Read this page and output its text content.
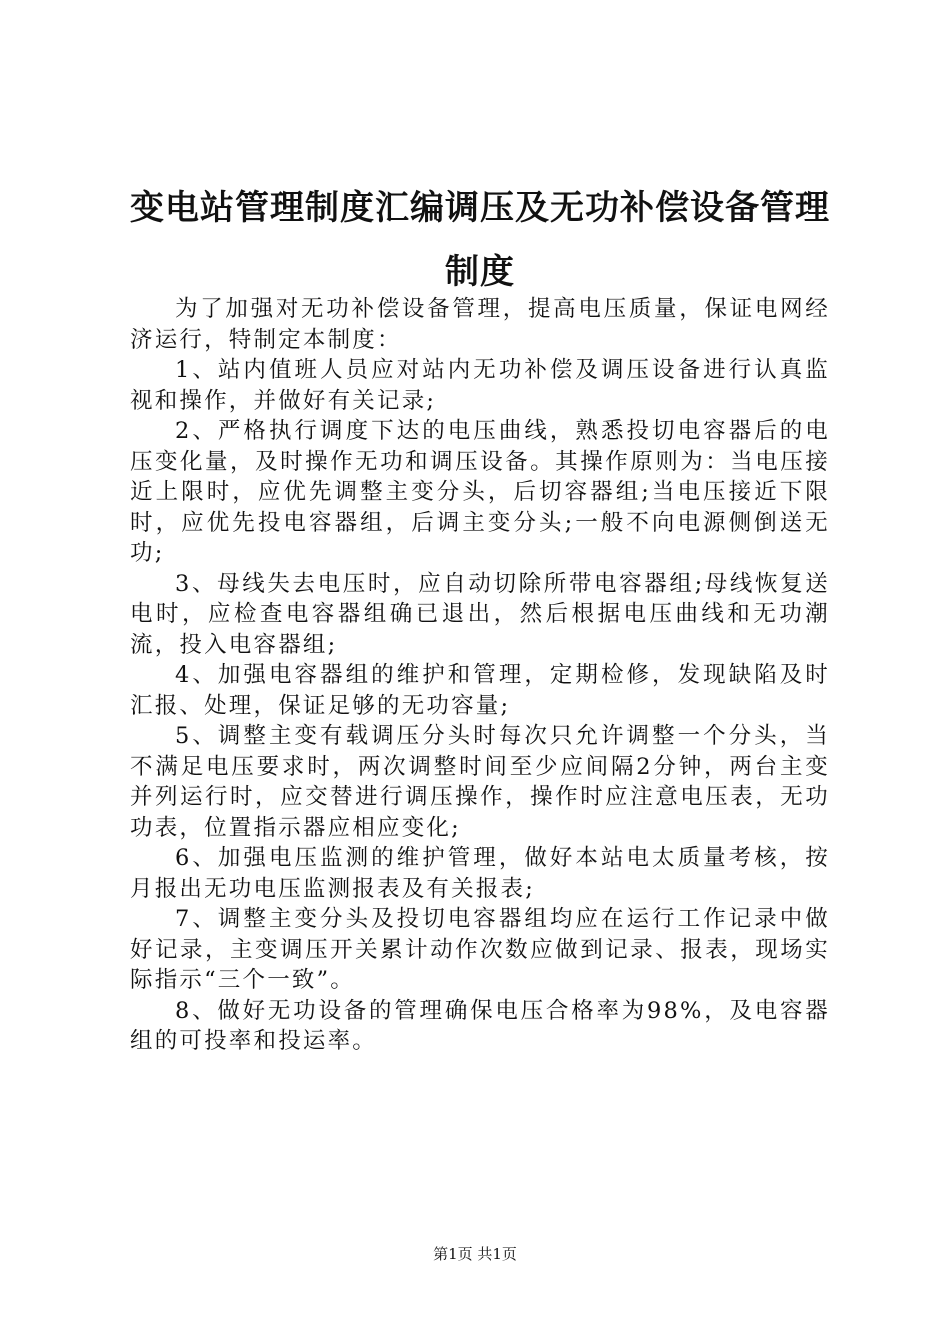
变电站管理制度汇编调压及无功补偿设备管理制度

为了加强对无功补偿设备管理，提高电压质量，保证电网经济运行，特制定本制度：

1、站内值班人员应对站内无功补偿及调压设备进行认真监视和操作，并做好有关记录;

2、严格执行调度下达的电压曲线，熟悉投切电容器后的电压变化量，及时操作无功和调压设备。其操作原则为：当电压接近上限时，应优先调整主变分头，后切容器组;当电压接近下限时，应优先投电容器组，后调主变分头;一般不向电源侧倒送无功;

3、母线失去电压时，应自动切除所带电容器组;母线恢复送电时，应检查电容器组确已退出，然后根据电压曲线和无功潮流，投入电容器组;

4、加强电容器组的维护和管理，定期检修，发现缺陷及时汇报、处理，保证足够的无功容量;

5、调整主变有载调压分头时每次只允许调整一个分头，当不满足电压要求时，两次调整时间至少应间隔2分钟，两台主变并列运行时，应交替进行调压操作，操作时应注意电压表，无功功表，位置指示器应相应变化;

6、加强电压监测的维护管理，做好本站电太质量考核，按月报出无功电压监测报表及有关报表;

7、调整主变分头及投切电容器组均应在运行工作记录中做好记录，主变调压开关累计动作次数应做到记录、报表，现场实际指示“三个一致”。

8、做好无功设备的管理确保电压合格率为98%，及电容器组的可投率和投运率。

第1页 共1页
